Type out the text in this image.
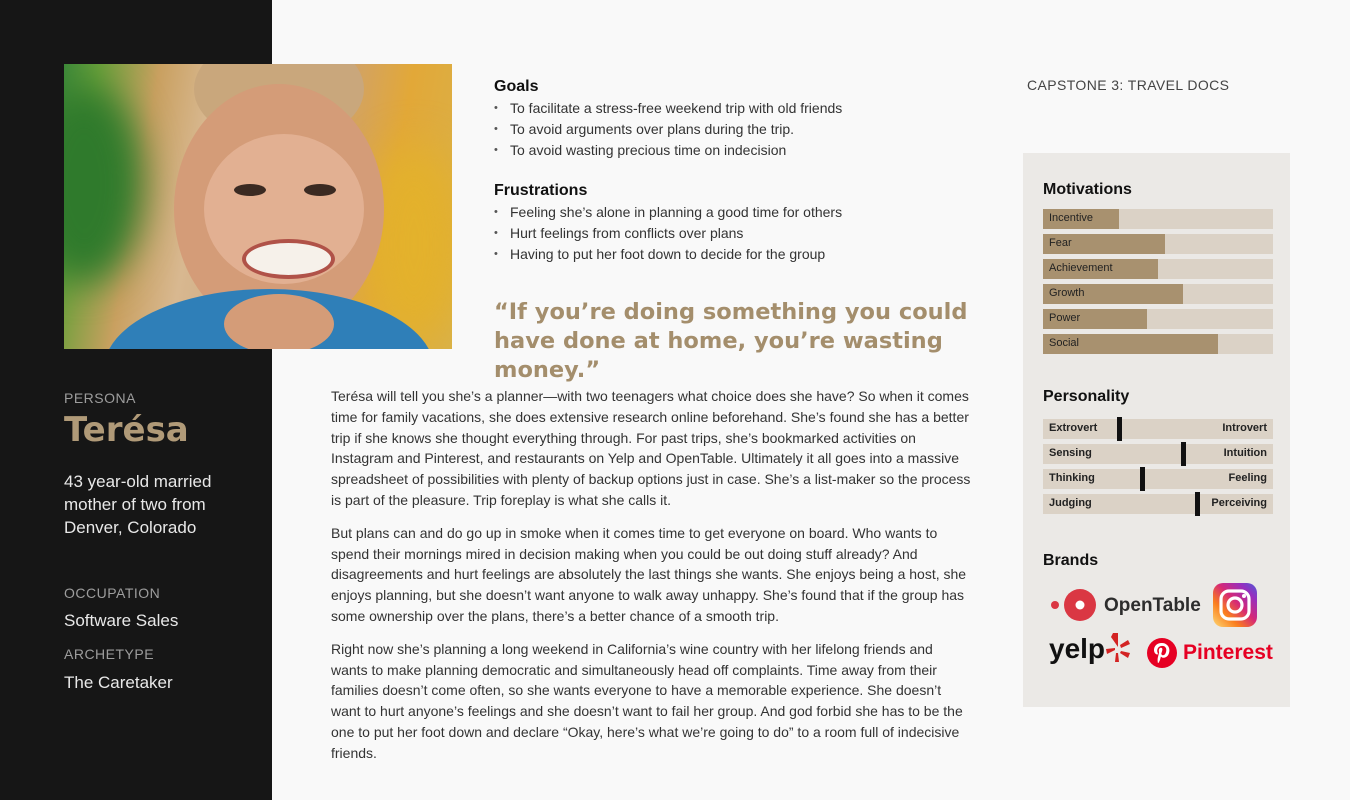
PERSONA
Terésa
43 year-old married mother of two from Denver, Colorado
OCCUPATION
Software Sales
ARCHETYPE
The Caretaker
Goals
• To facilitate a stress-free weekend trip with old friends
• To avoid arguments over plans during the trip.
• To avoid wasting precious time on indecision
Frustrations
• Feeling she’s alone in planning a good time for others
• Hurt feelings from conflicts over plans
• Having to put her foot down to decide for the group
“If you’re doing something you could have done at home, you’re wasting money.”

Terésa will tell you she’s a planner—with two teenagers what choice does she have? So when it comes time for family vacations, she does extensive research online beforehand. She’s found she has a better trip if she knows she thought everything through. For past trips, she’s bookmarked activities on Instagram and Pinterest, and restaurants on Yelp and OpenTable. Ultimately it all goes into a massive spreadsheet of possibilities with plenty of backup options just in case. She’s a list-maker so the process is part of the pleasure. Trip foreplay is what she calls it.

But plans can and do go up in smoke when it comes time to get everyone on board. Who wants to spend their mornings mired in decision making when you could be out doing stuff already? And disagreements and hurt feelings are absolutely the last things she wants. She enjoys being a host, she enjoys planning, but she doesn’t want anyone to walk away unhappy. She’s found that if the group has some ownership over the plans, there’s a better chance of a smooth trip.

Right now she’s planning a long weekend in California’s wine country with her lifelong friends and wants to make planning democratic and simultaneously head off complaints. Time away from their families doesn’t come often, so she wants everyone to have a memorable experience. She doesn’t want to hurt anyone’s feelings and she doesn’t want to fail her group. And god forbid she has to be the one to put her foot down and declare “Okay, here’s what we’re going to do” to a room full of indecisive friends.

CAPSTONE 3: TRAVEL DOCS
Motivations
Incentive
Fear
Achievement
Growth
Power
Social
Personality
Extrovert	Introvert
Sensing	Intuition
Thinking	Feeling
Judging	Perceiving
Brands
OpenTable
yelp	Pinterest
